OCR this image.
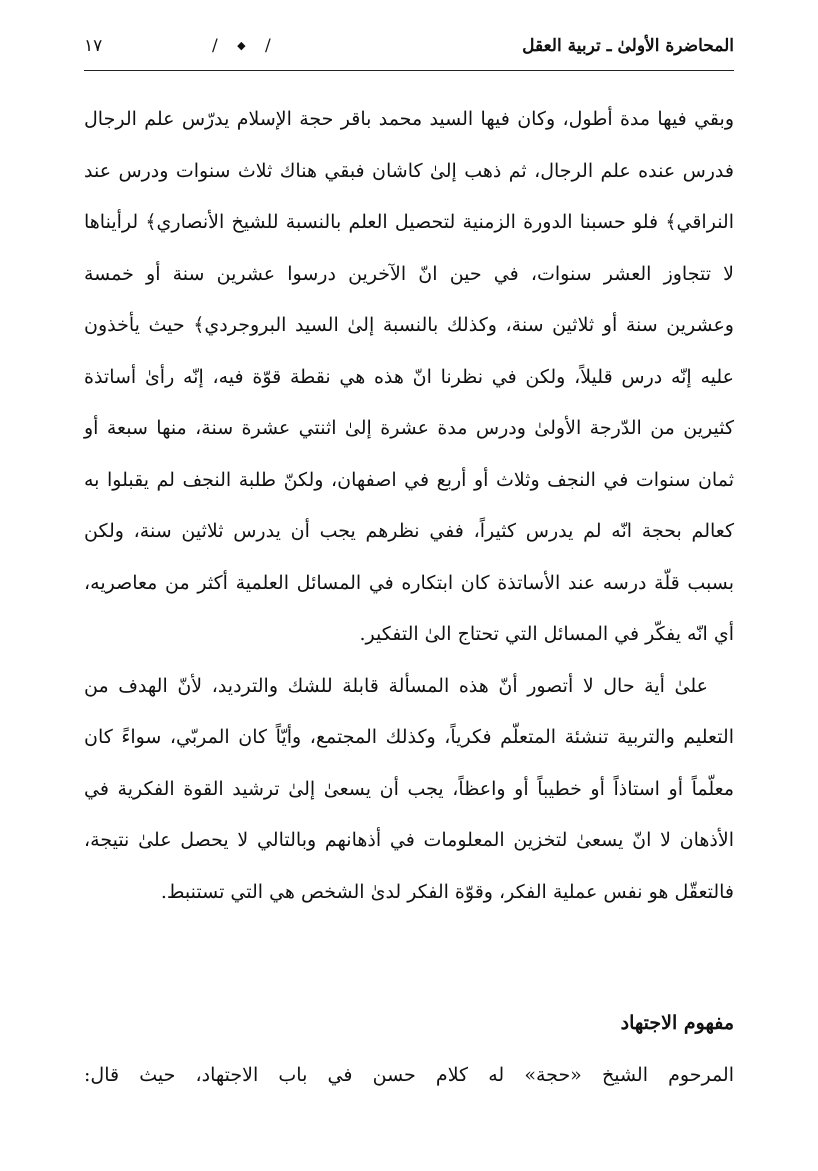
المحاضرة الأولىٰ ـ تربية العقل
/ ◆ /
١٧

وبقي فيها مدة أطول، وكان فيها السيد محمد باقر حجة الإسلام يدرّس علم الرجال فدرس عنده علم الرجال، ثم ذهب إلىٰ كاشان فبقي هناك ثلاث سنوات ودرس عند النراقي﴾ فلو حسبنا الدورة الزمنية لتحصيل العلم بالنسبة للشيخ الأنصاري﴾ لرأيناها لا تتجاوز العشر سنوات، في حين انّ الآخرين درسوا عشرين سنة أو خمسة وعشرين سنة أو ثلاثين سنة، وكذلك بالنسبة إلىٰ السيد البروجردي﴾ حيث يأخذون عليه إنّه درس قليلاً، ولكن في نظرنا انّ هذه هي نقطة قوّة فيه، إنّه رأىٰ أساتذة كثيرين من الدّرجة الأولىٰ ودرس مدة عشرة إلىٰ اثنتي عشرة سنة، منها سبعة أو ثمان سنوات في النجف وثلاث أو أربع في اصفهان، ولكنّ طلبة النجف لم يقبلوا به كعالم بحجة انّه لم يدرس كثيراً، ففي نظرهم يجب أن يدرس ثلاثين سنة، ولكن بسبب قلّة درسه عند الأساتذة كان ابتكاره في المسائل العلمية أكثر من معاصريه، أي انّه يفكّر في المسائل التي تحتاج الىٰ التفكير.

علىٰ أية حال لا أتصور أنّ هذه المسألة قابلة للشك والترديد، لأنّ الهدف من التعليم والتربية تنشئة المتعلّم فكرياً، وكذلك المجتمع، وأيّاً كان المربّي، سواءً كان معلّماً أو استاذاً أو خطيباً أو واعظاً، يجب أن يسعىٰ إلىٰ ترشيد القوة الفكرية في الأذهان لا انّ يسعىٰ لتخزين المعلومات في أذهانهم وبالتالي لا يحصل علىٰ نتيجة، فالتعقّل هو نفس عملية الفكر، وقوّة الفكر لدىٰ الشخص هي التي تستنبط.

مفهوم الاجتهاد
المرحوم الشيخ «حجة» له كلام حسن في باب الاجتهاد، حيث قال:
